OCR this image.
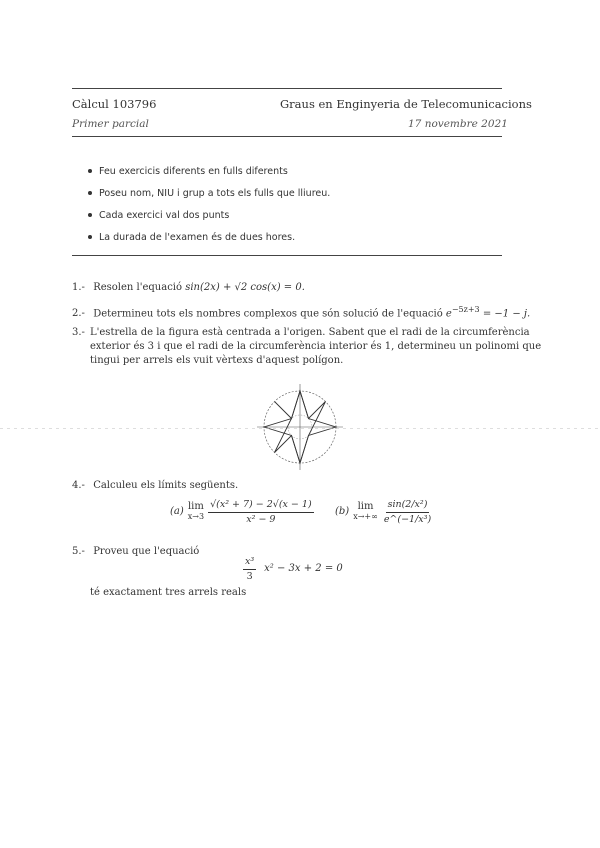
Càlcul 103796	Graus en Enginyeria de Telecomunicacions
Primer parcial	17 novembre 2021
Feu exercicis diferents en fulls diferents
Poseu nom, NIU i grup a tots els fulls que lliureu.
Cada exercici val dos punts
La durada de l'examen és de dues hores.
1.- Resolen l'equació sin(2x) + √2 cos(x) = 0.
2.- Determineu tots els nombres complexos que són solució de l'equació $e^{-5z+3} = -1 - j$.
3.- L'estrella de la figura està centrada a l'origen. Sabent que el radi de la circumferència
exterior és 3 i que el radi de la circumferència interior és 1, determineu un polinomi que
tingui per arrels els vuit vèrtexs d'aquest polígon.
4.- Calculeu els límits següents.
(a) lim
$x\to 3 \frac{\text{√(x² + 7) − 2√(x − 1)}}{\text{x² − 9}} (b)$ lim
$x\to+\infty \frac{\text{sin(2/x²)}}{\text{e\textasciicircum{}(−1/x³)}}$
5.- Proveu que l'equació
$\frac{\text{x³}}{3} x^2 - 3x + 2 = 0$
té exactament tres arrels reals
